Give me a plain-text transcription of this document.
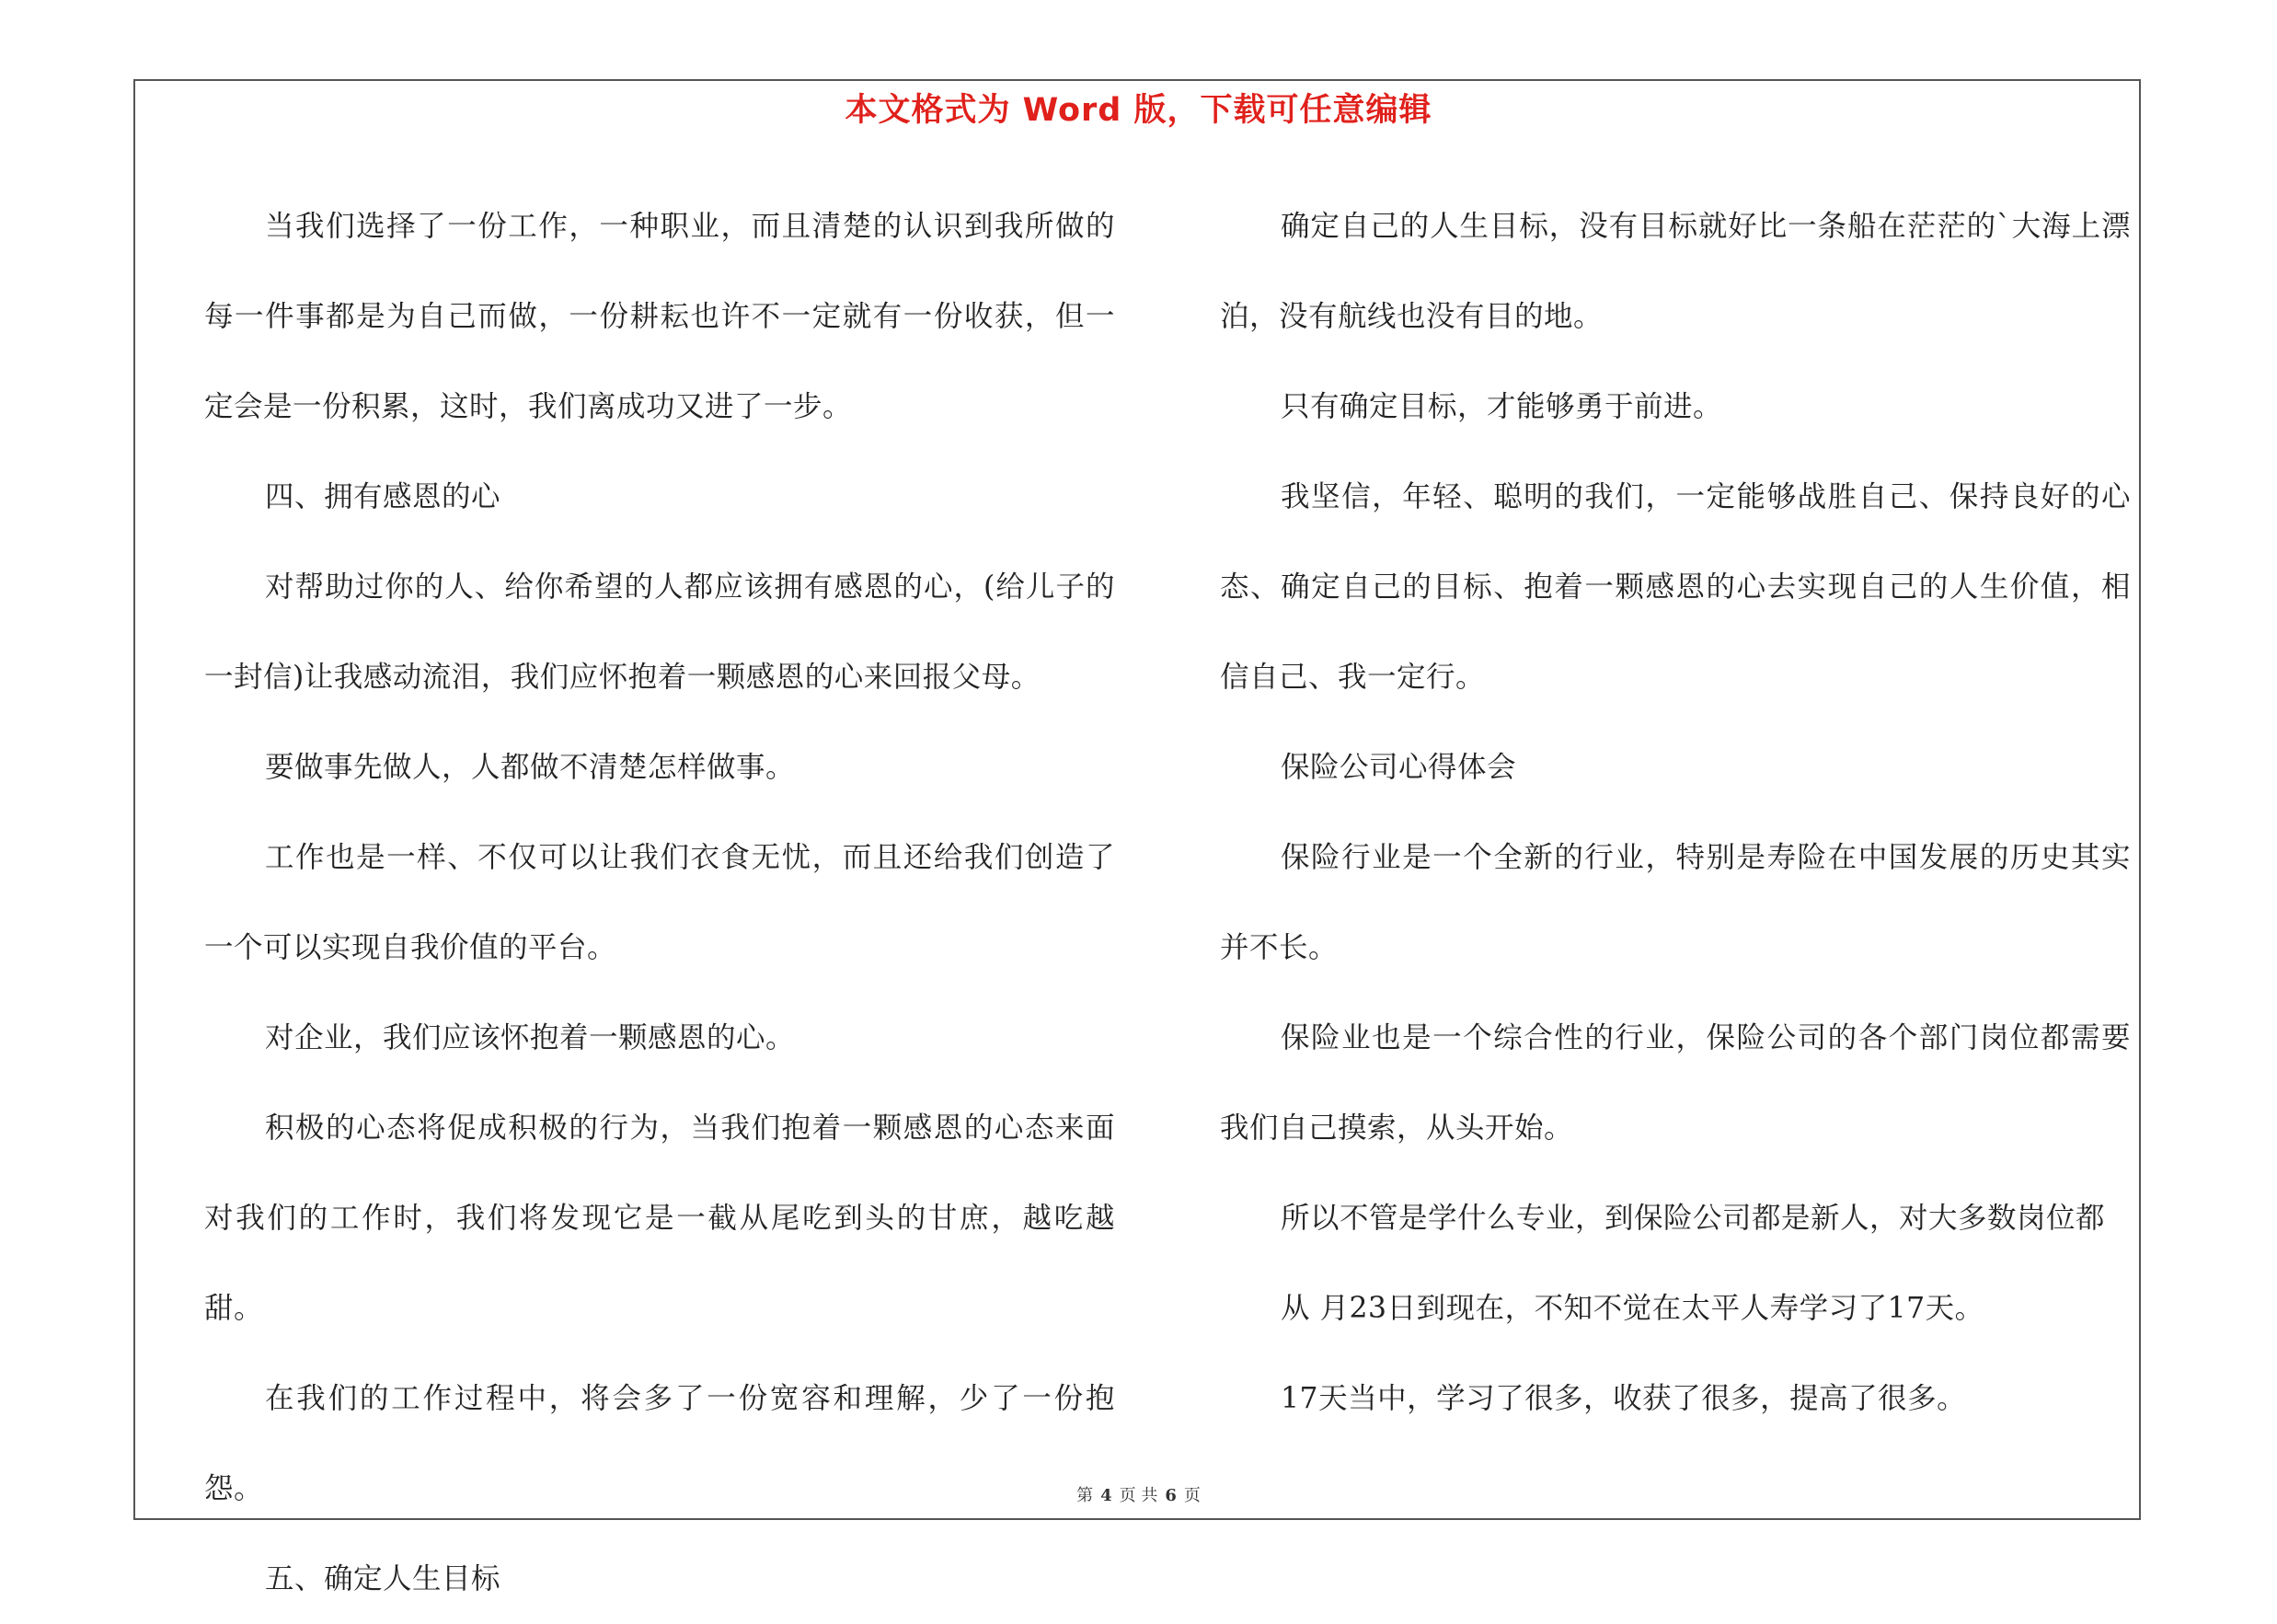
本文格式为 Word 版，下载可任意编辑

当我们选择了一份工作，一种职业，而且清楚的认识到我所做的每一件事都是为自己而做，一份耕耘也许不一定就有一份收获，但一定会是一份积累，这时，我们离成功又进了一步。

四、拥有感恩的心

对帮助过你的人、给你希望的人都应该拥有感恩的心，(给儿子的一封信)让我感动流泪，我们应怀抱着一颗感恩的心来回报父母。

要做事先做人，人都做不清楚怎样做事。

工作也是一样、不仅可以让我们衣食无忧，而且还给我们创造了一个可以实现自我价值的平台。

对企业，我们应该怀抱着一颗感恩的心。

积极的心态将促成积极的行为，当我们抱着一颗感恩的心态来面对我们的工作时，我们将发现它是一截从尾吃到头的甘庶，越吃越甜。

在我们的工作过程中，将会多了一份宽容和理解，少了一份抱怨。

五、确定人生目标

确定自己的人生目标，没有目标就好比一条船在茫茫的`大海上漂泊，没有航线也没有目的地。

只有确定目标，才能够勇于前进。

我坚信，年轻、聪明的我们，一定能够战胜自己、保持良好的心态、确定自己的目标、抱着一颗感恩的心去实现自己的人生价值，相信自己、我一定行。

保险公司心得体会

保险行业是一个全新的行业，特别是寿险在中国发展的历史其实并不长。

保险业也是一个综合性的行业，保险公司的各个部门岗位都需要我们自己摸索，从头开始。

所以不管是学什么专业，到保险公司都是新人，对大多数岗位都

从 月23日到现在，不知不觉在太平人寿学习了17天。

17天当中，学习了很多，收获了很多，提高了很多。

第 4 页 共 6 页
